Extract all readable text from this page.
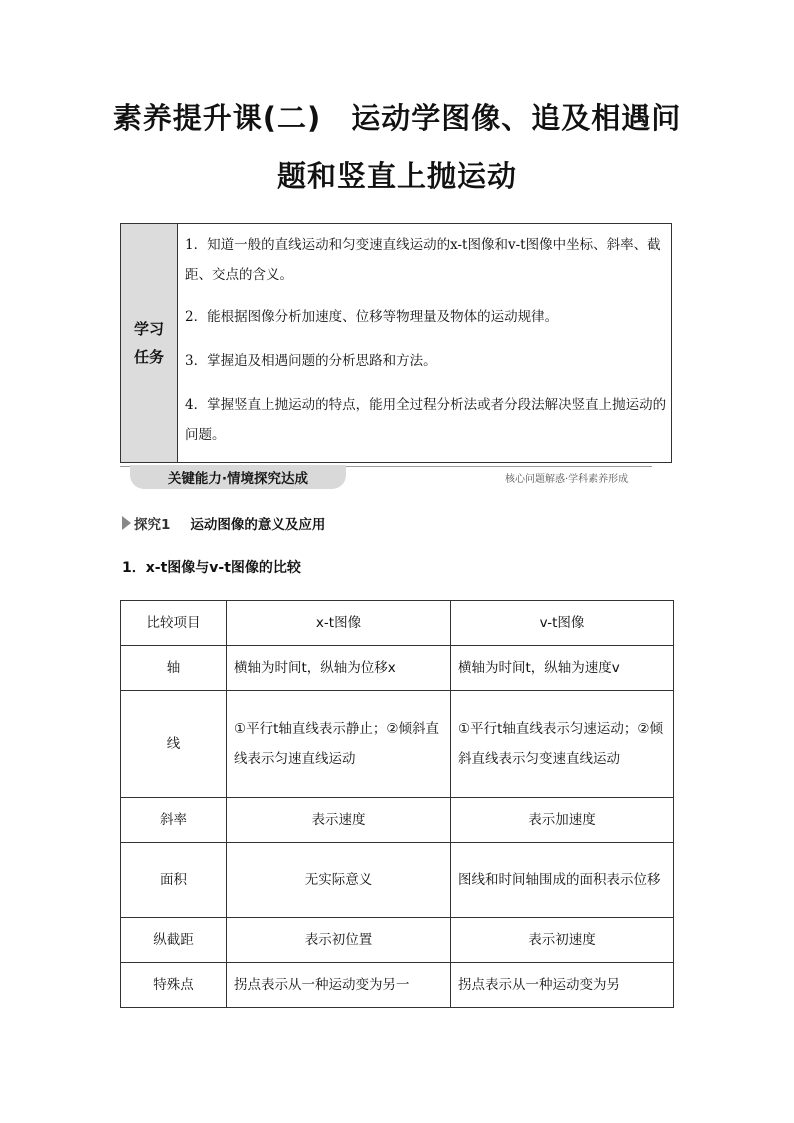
素养提升课(二)　运动学图像、追及相遇问
题和竖直上抛运动
学习
任务
1．知道一般的直线运动和匀变速直线运动的x-t图像和v-t图像中坐标、斜率、截距、交点的含义。
2．能根据图像分析加速度、位移等物理量及物体的运动规律。
3．掌握追及相遇问题的分析思路和方法。
4．掌握竖直上抛运动的特点，能用全过程分析法或者分段法解决竖直上抛运动的问题。
关键能力·情境探究达成	核心问题解惑·学科素养形成
探究1 运动图像的意义及应用
1．x-t图像与v-t图像的比较
比较项目	x-t图像	v-t图像
轴	横轴为时间t，纵轴为位移x	横轴为时间t，纵轴为速度v
线	①平行t轴直线表示静止；②倾斜直线表示匀速直线运动	①平行t轴直线表示匀速运动；②倾斜直线表示匀变速直线运动
斜率	表示速度	表示加速度
面积	无实际意义	图线和时间轴围成的面积表示位移
纵截距	表示初位置	表示初速度
特殊点	拐点表示从一种运动变为另一	拐点表示从一种运动变为另
